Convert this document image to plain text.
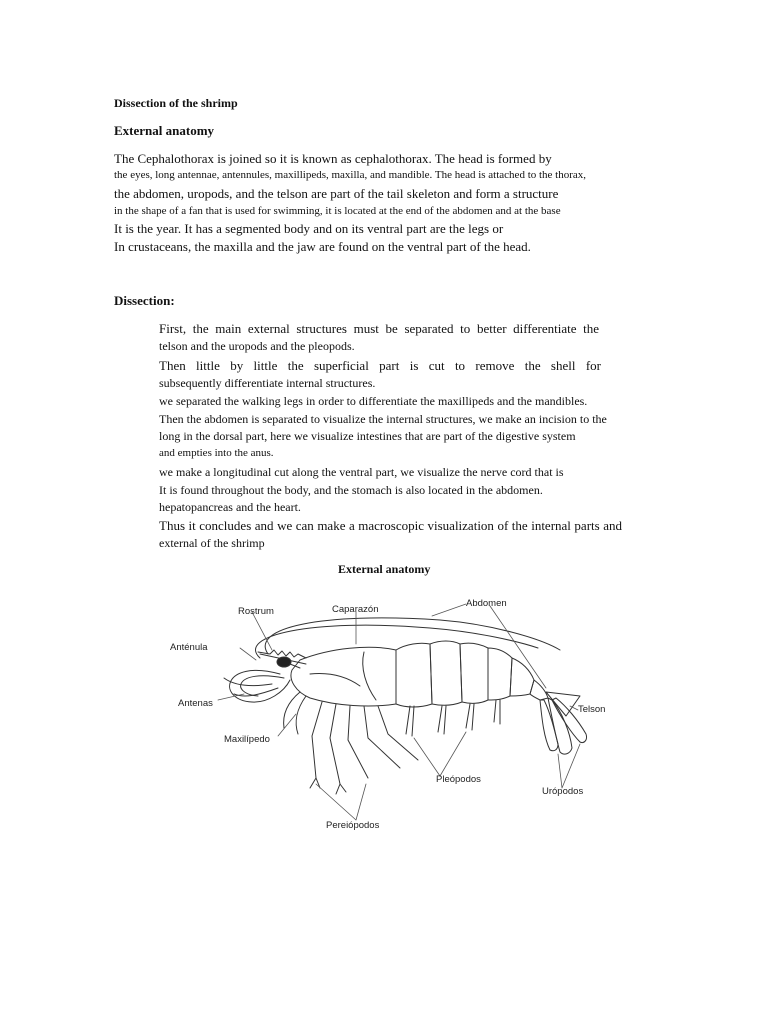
Dissection of the shrimp
External anatomy
The Cephalothorax is joined so it is known as cephalothorax. The head is formed by
the eyes, long antennae, antennules, maxillipeds, maxilla, and mandible. The head is attached to the thorax,
the abdomen, uropods, and the telson are part of the tail skeleton and form a structure
in the shape of a fan that is used for swimming, it is located at the end of the abdomen and at the base
It is the year. It has a segmented body and on its ventral part are the legs or
In crustaceans, the maxilla and the jaw are found on the ventral part of the head.
Dissection:
First, the main external structures must be separated to better differentiate the
telson and the uropods and the pleopods.
Then little by little the superficial part is cut to remove the shell for
subsequently differentiate internal structures.
we separated the walking legs in order to differentiate the maxillipeds and the mandibles.
Then the abdomen is separated to visualize the internal structures, we make an incision to the
long in the dorsal part, here we visualize intestines that are part of the digestive system
and empties into the anus.
we make a longitudinal cut along the ventral part, we visualize the nerve cord that is
It is found throughout the body, and the stomach is also located in the abdomen.
hepatopancreas and the heart.
Thus it concludes and we can make a macroscopic visualization of the internal parts and
external of the shrimp
External anatomy
Rostrum	Caparazón
Abdomen
Anténula
Antenas
Telson
Maxilípedo
Pleópodos
Urópodos
Pereiópodos
